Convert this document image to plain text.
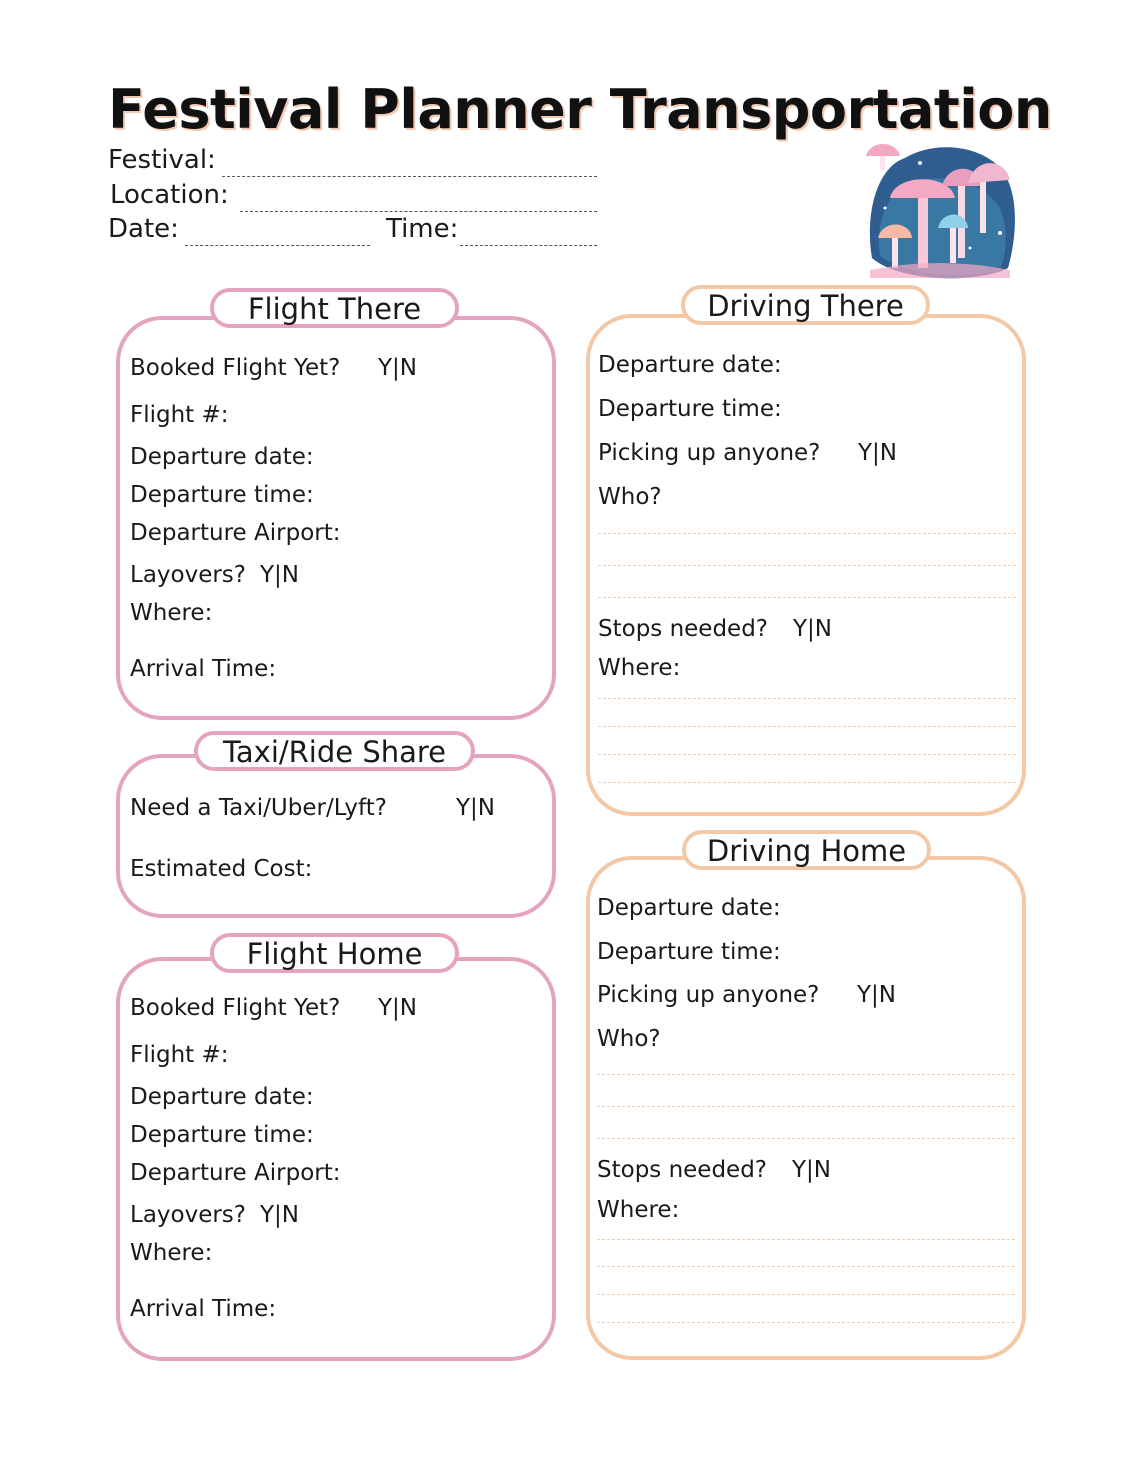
Festival Planner Transportation
Festival:
Location:
Date:	Time:
Flight There
Booked Flight Yet? Y|N
Flight #:
Departure date:
Departure time:
Departure Airport:
Layovers? Y|N
Where:
Arrival Time:
Taxi/Ride Share
Need a Taxi/Uber/Lyft?	Y|N
Estimated Cost:
Flight Home
Booked Flight Yet? Y|N
Flight #:
Departure date:
Departure time:
Departure Airport:
Layovers? Y|N
Where:
Arrival Time:
Driving There
Departure date:
Departure time:
Picking up anyone? Y|N
Who?
Stops needed? Y|N
Where:
Driving Home
Departure date:
Departure time:
Picking up anyone? Y|N
Who?
Stops needed? Y|N
Where:
